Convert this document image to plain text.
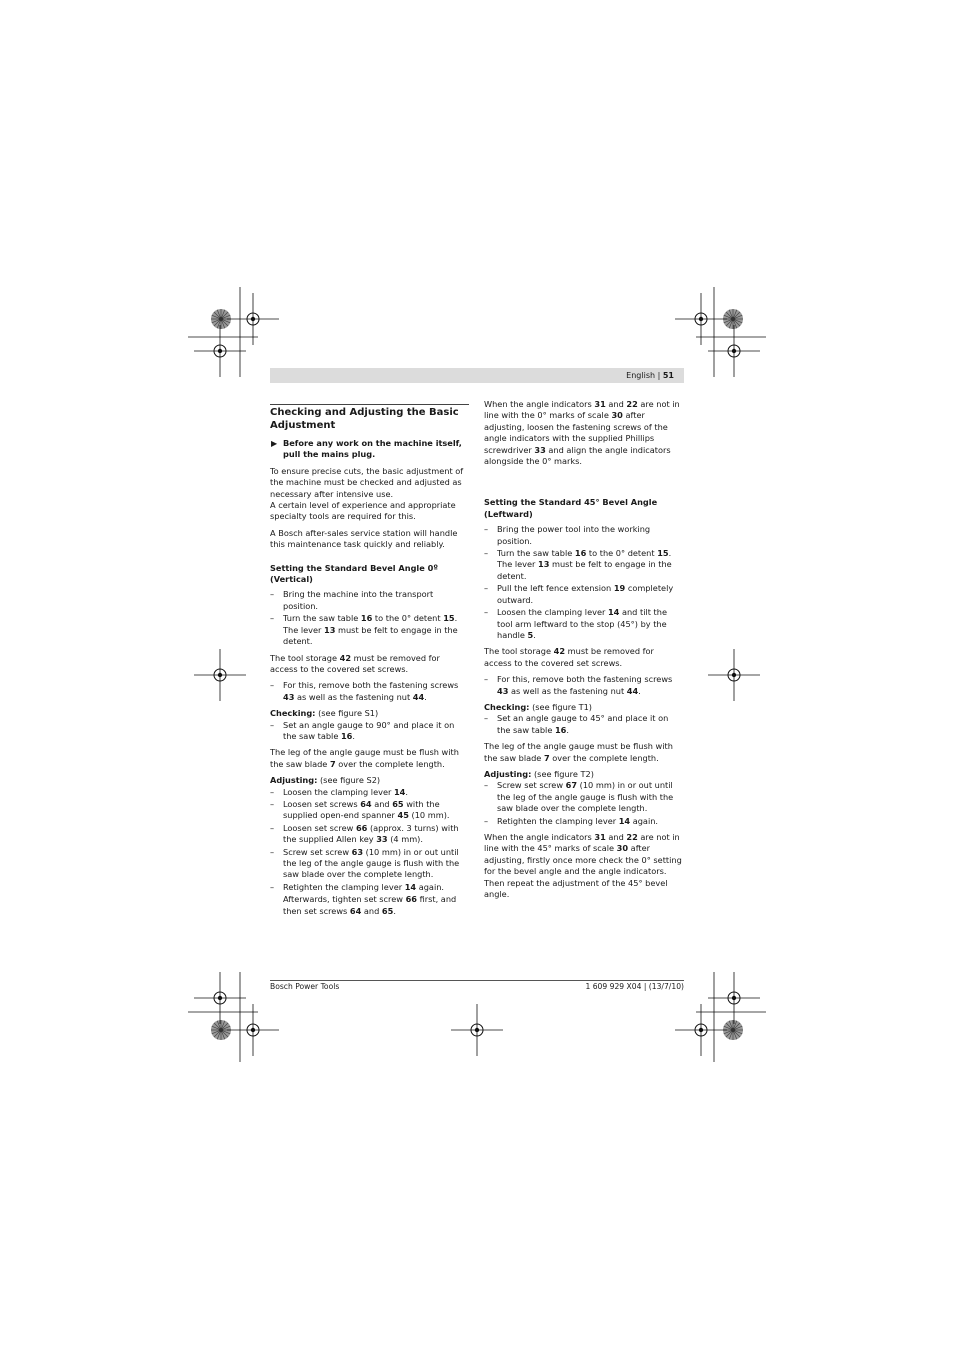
English | 51
Checking and Adjusting the Basic Adjustment
▶ Before any work on the machine itself, pull the mains plug.

To ensure precise cuts, the basic adjustment of the machine must be checked and adjusted as necessary after intensive use.

A certain level of experience and appropriate specialty tools are required for this.

A Bosch after-sales service station will handle this maintenance task quickly and reliably.

Setting the Standard Bevel Angle 0º (Vertical)
– Bring the machine into the transport position.
– Turn the saw table 16 to the 0° detent 15. The lever 13 must be felt to engage in the detent.

The tool storage 42 must be removed for access to the covered set screws.

– For this, remove both the fastening screws 43 as well as the fastening nut 44.

Checking: (see figure S1)

– Set an angle gauge to 90° and place it on the saw table 16.

The leg of the angle gauge must be flush with the saw blade 7 over the complete length.

Adjusting: (see figure S2)

– Loosen the clamping lever 14.
– Loosen set screws 64 and 65 with the supplied open-end spanner 45 (10 mm).
– Loosen set screw 66 (approx. 3 turns) with the supplied Allen key 33 (4 mm).
– Screw set screw 63 (10 mm) in or out until the leg of the angle gauge is flush with the saw blade over the complete length.
– Retighten the clamping lever 14 again.
Afterwards, tighten set screw 66 first, and then set screws 64 and 65.

When the angle indicators 31 and 22 are not in line with the 0° marks of scale 30 after adjusting, loosen the fastening screws of the angle indicators with the supplied Phillips screwdriver 33 and align the angle indicators alongside the 0° marks.

Setting the Standard 45° Bevel Angle (Leftward)
– Bring the power tool into the working position.
– Turn the saw table 16 to the 0° detent 15. The lever 13 must be felt to engage in the detent.
– Pull the left fence extension 19 completely outward.
– Loosen the clamping lever 14 and tilt the tool arm leftward to the stop (45°) by the handle 5.

The tool storage 42 must be removed for access to the covered set screws.

– For this, remove both the fastening screws 43 as well as the fastening nut 44.

Checking: (see figure T1)

– Set an angle gauge to 45° and place it on the saw table 16.

The leg of the angle gauge must be flush with the saw blade 7 over the complete length.

Adjusting: (see figure T2)

– Screw set screw 67 (10 mm) in or out until the leg of the angle gauge is flush with the saw blade over the complete length.
– Retighten the clamping lever 14 again.

When the angle indicators 31 and 22 are not in line with the 45° marks of scale 30 after adjusting, firstly once more check the 0° setting for the bevel angle and the angle indicators. Then repeat the adjustment of the 45° bevel angle.

Bosch Power Tools	1 609 929 X04 | (13/7/10)
